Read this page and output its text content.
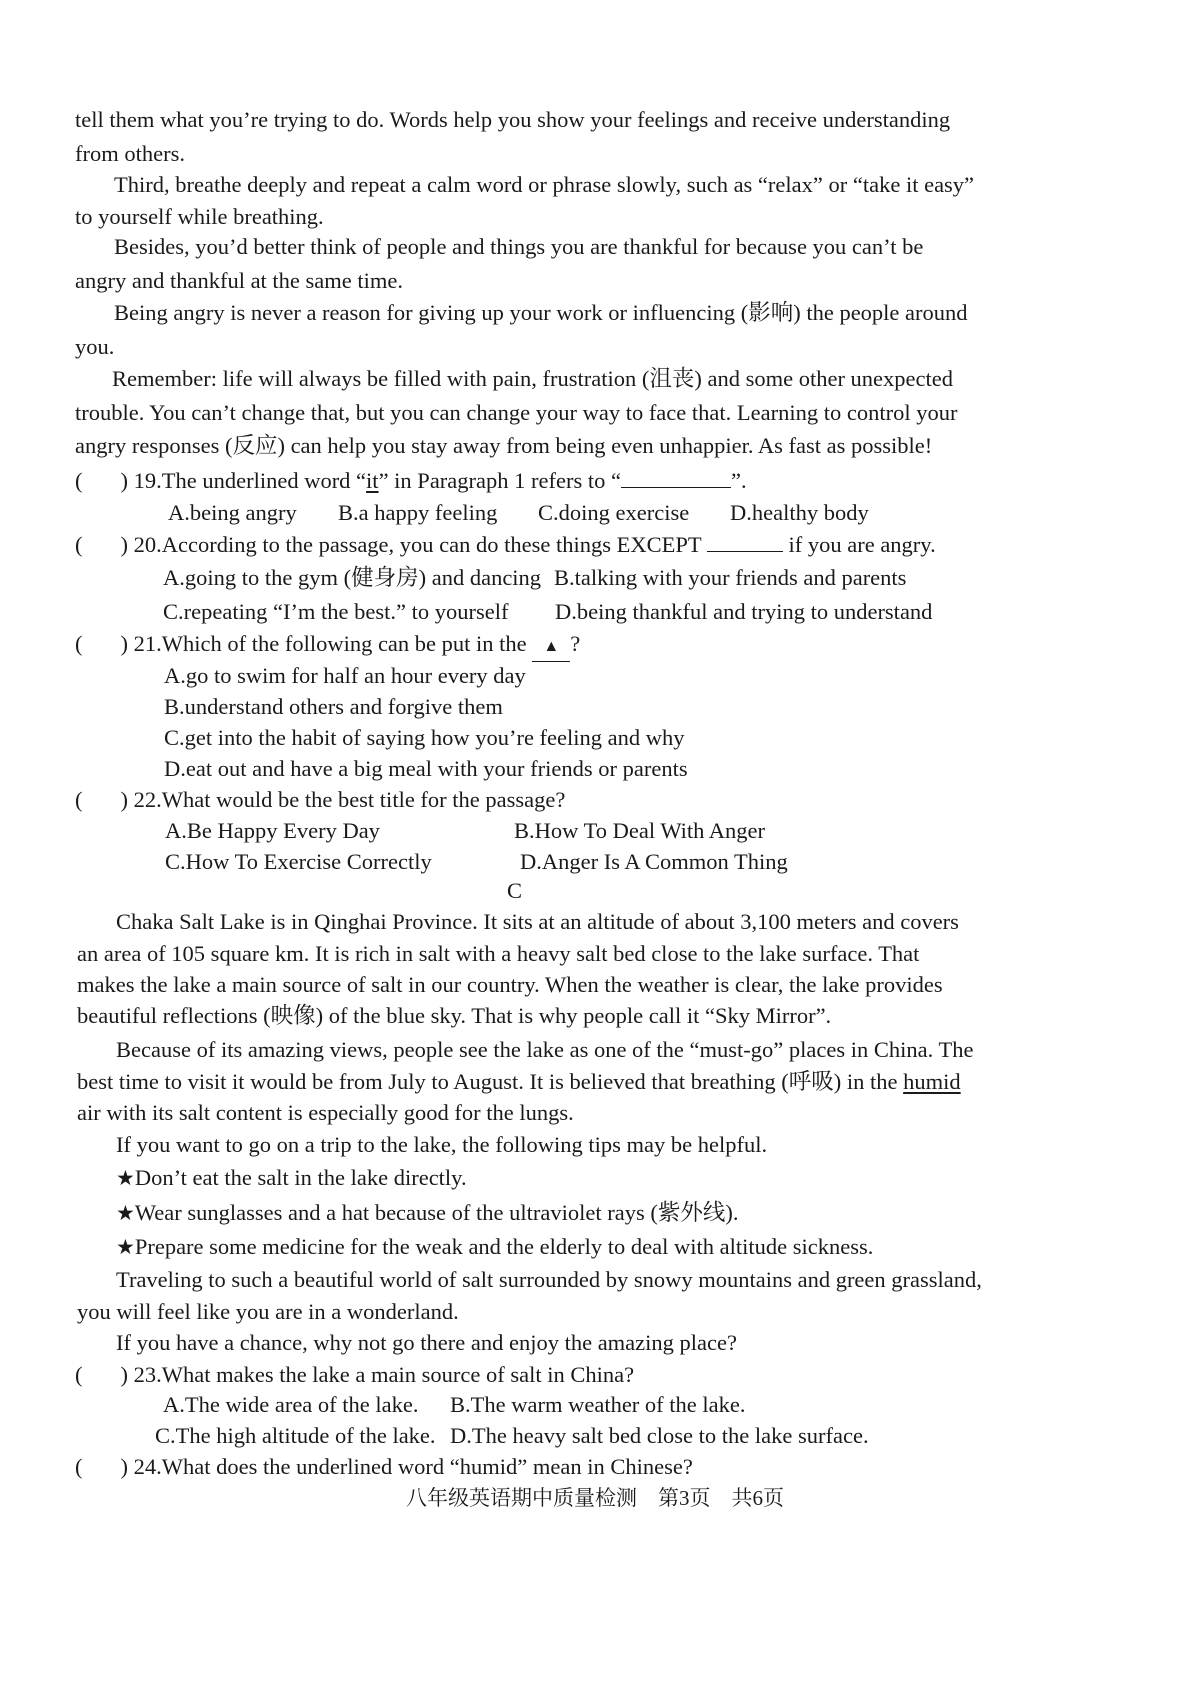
tell them what you’re trying to do. Words help you show your feelings and receive understanding
from others.
Third, breathe deeply and repeat a calm word or phrase slowly, such as “relax” or “take it easy”
to yourself while breathing.
Besides, you’d better think of people and things you are thankful for because you can’t be
angry and thankful at the same time.
Being angry is never a reason for giving up your work or influencing (影响) the people around
you.
Remember: life will always be filled with pain, frustration (沮丧) and some other unexpected
trouble. You can’t change that, but you can change your way to face that. Learning to control your
angry responses (反应) can help you stay away from being even unhappier. As fast as possible!
( ) 19.The underlined word “it” in Paragraph 1 refers to “	”.
A.being angry B.a happy feeling C.doing exercise D.healthy body
( ) 20.According to the passage, you can do these things EXCEPT	if you are angry.
A.going to the gym (健身房) and dancing B.talking with your friends and parents
C.repeating “I’m the best.” to yourself D.being thankful and trying to understand
( ) 21.Which of the following can be put in the ▲ ?
A.go to swim for half an hour every day
B.understand others and forgive them
C.get into the habit of saying how you’re feeling and why
D.eat out and have a big meal with your friends or parents
( ) 22.What would be the best title for the passage?
A.Be Happy Every Day	B.How To Deal With Anger
C.How To Exercise Correctly	D.Anger Is A Common Thing
C
Chaka Salt Lake is in Qinghai Province. It sits at an altitude of about 3,100 meters and covers
an area of 105 square km. It is rich in salt with a heavy salt bed close to the lake surface. That
makes the lake a main source of salt in our country. When the weather is clear, the lake provides
beautiful reflections (映像) of the blue sky. That is why people call it “Sky Mirror”.
Because of its amazing views, people see the lake as one of the “must-go” places in China. The
best time to visit it would be from July to August. It is believed that breathing (呼吸) in the humid
air with its salt content is especially good for the lungs.
If you want to go on a trip to the lake, the following tips may be helpful.
★Don’t eat the salt in the lake directly.
★Wear sunglasses and a hat because of the ultraviolet rays (紫外线).
★Prepare some medicine for the weak and the elderly to deal with altitude sickness.
Traveling to such a beautiful world of salt surrounded by snowy mountains and green grassland,
you will feel like you are in a wonderland.
If you have a chance, why not go there and enjoy the amazing place?
( ) 23.What makes the lake a main source of salt in China?
A.The wide area of the lake. B.The warm weather of the lake.
C.The high altitude of the lake. D.The heavy salt bed close to the lake surface.
( ) 24.What does the underlined word “humid” mean in Chinese?
八年级英语期中质量检测　第3页　共6页
